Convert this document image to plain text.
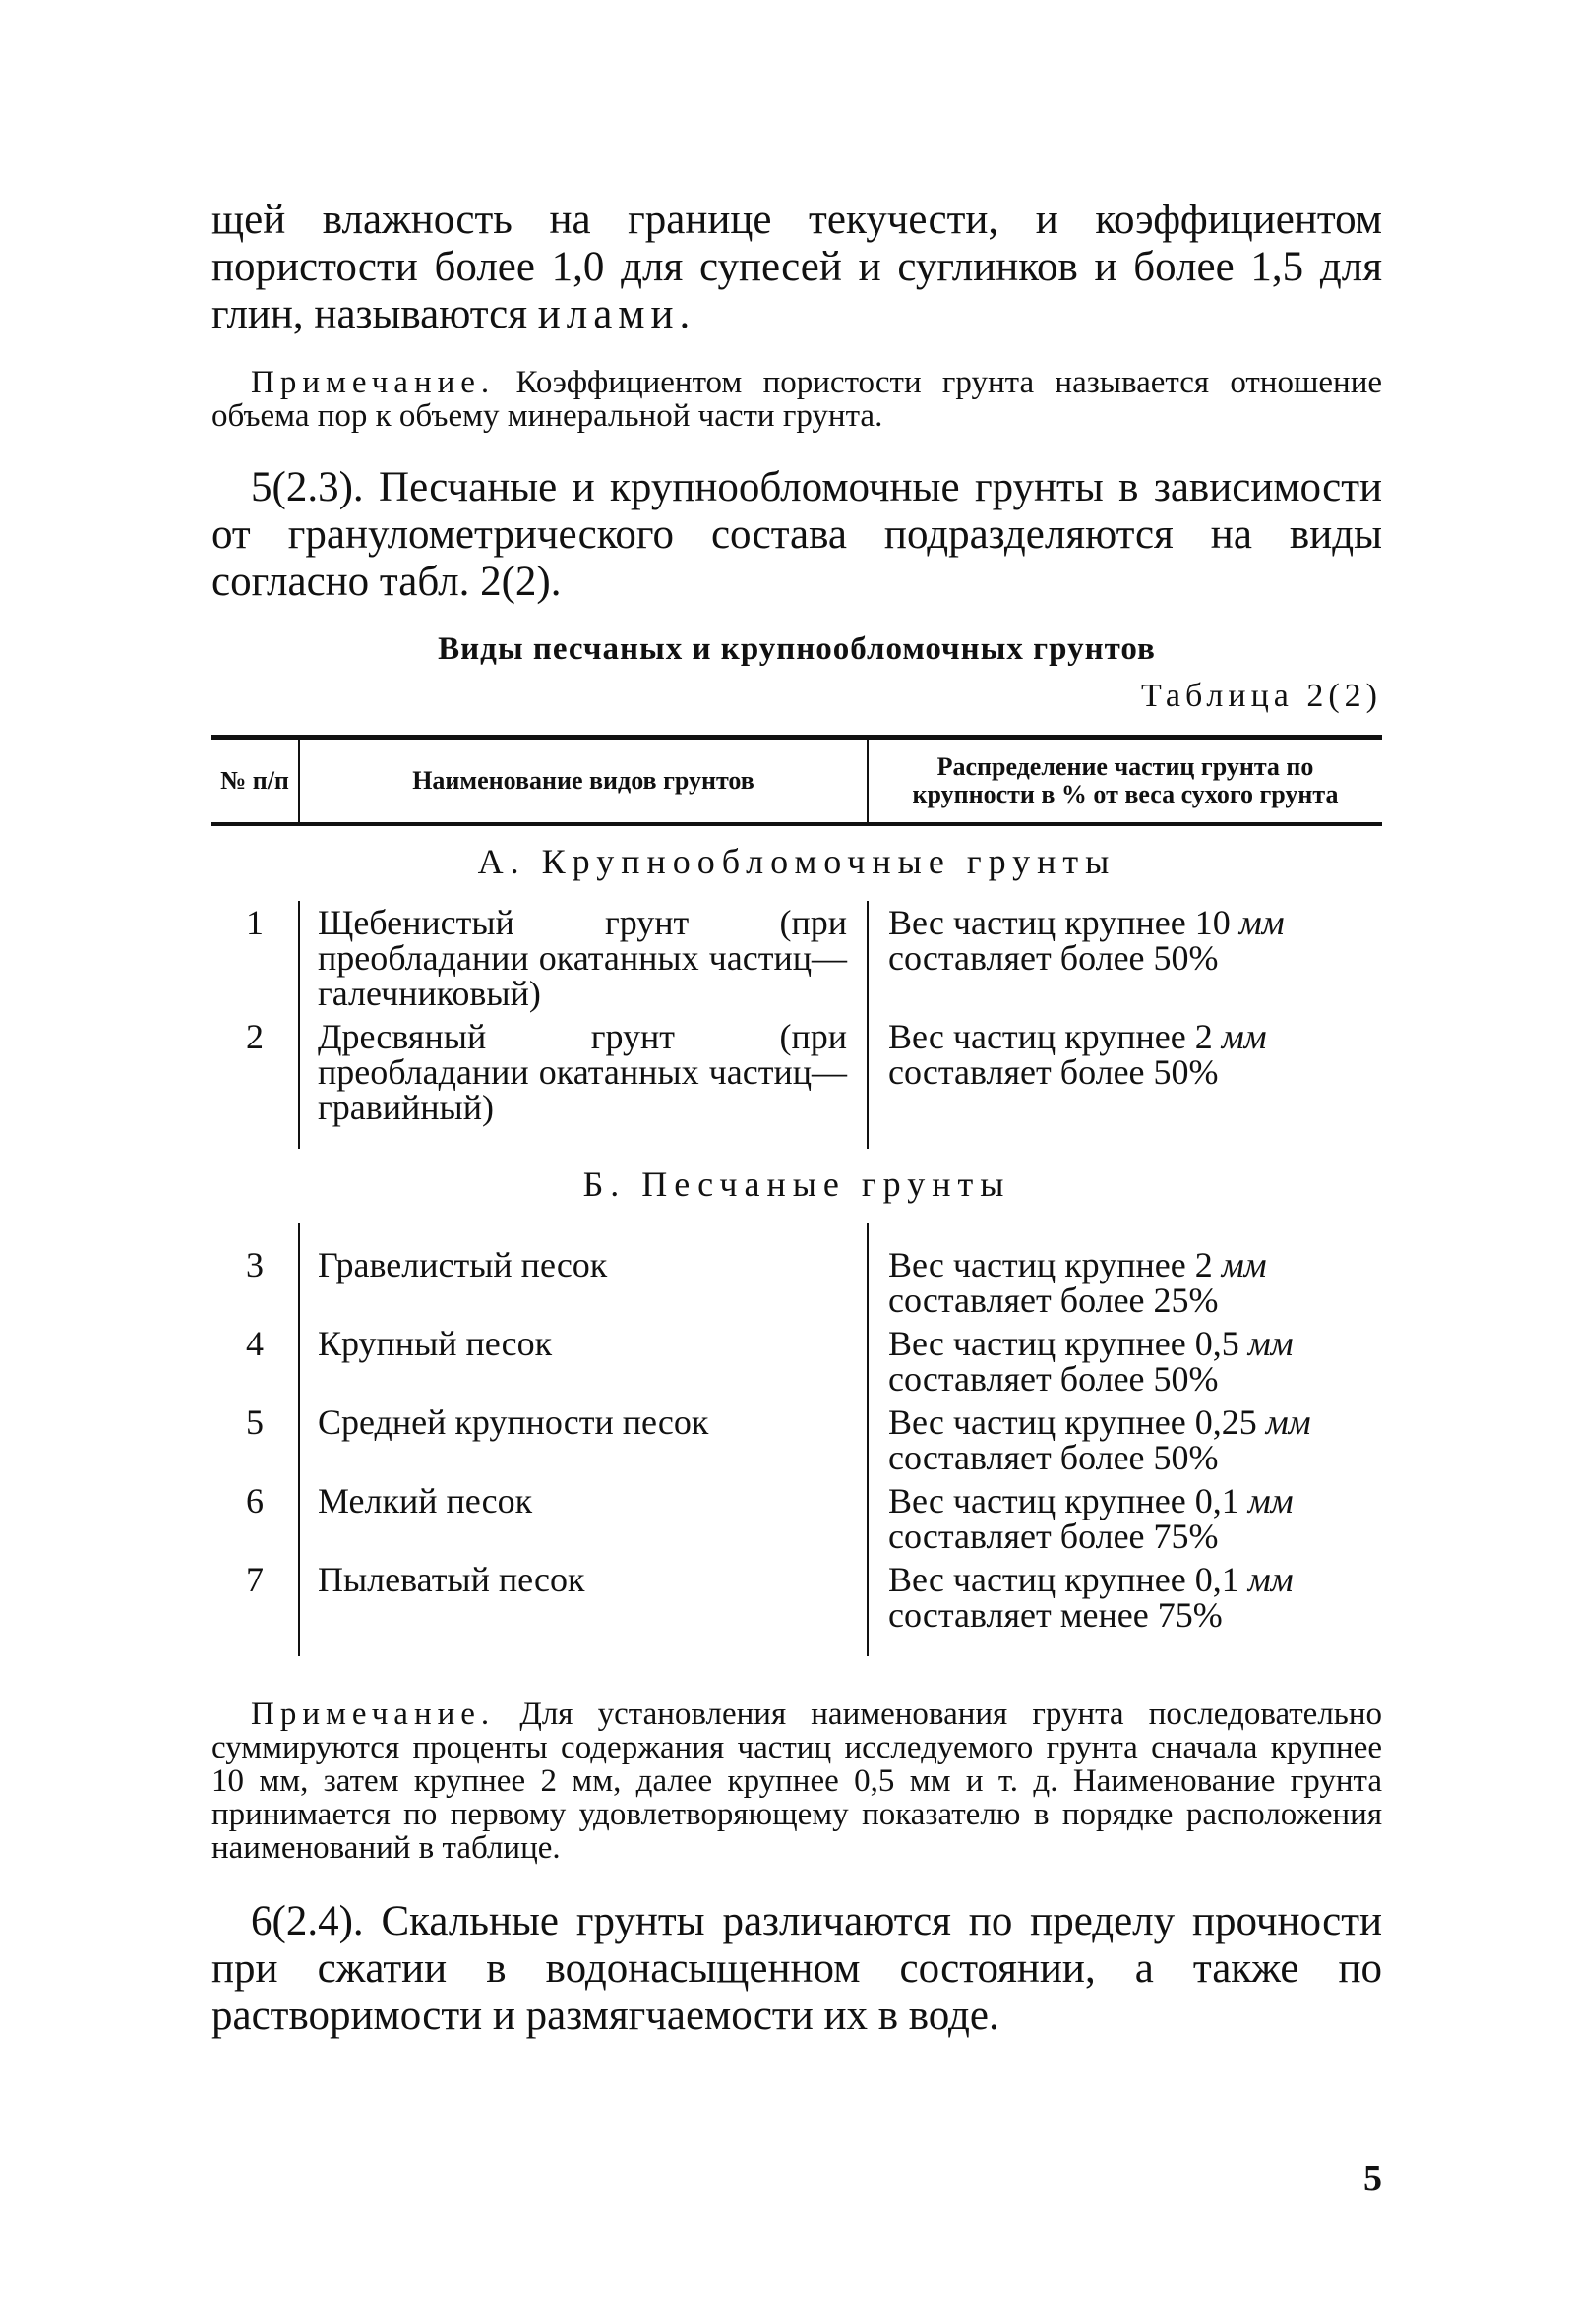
щей влажность на границе текучести, и коэффициентом пористости более 1,0 для супесей и суглинков и более 1,5 для глин, называются илами.

Примечание. Коэффициентом пористости грунта называется отношение объема пор к объему минеральной части грунта.

5(2.3). Песчаные и крупнообломочные грунты в зависимости от гранулометрического состава подразделяются на виды согласно табл. 2(2).

Виды песчаных и крупнообломочных грунтов
Таблица 2(2)
№ п/п	Наименование видов грунтов	Распределение частиц грунта по крупности в % от веса сухого грунта
А. Крупнообломочные грунты		
1	Щебенистый грунт (при преобладании окатанных частиц—галечниковый)	Вес частиц крупнее 10 мм
составляет более 50%
2	Дресвяный грунт (при преобладании окатанных частиц—гравийный)	Вес частиц крупнее 2 мм
составляет более 50%

Б. Песчаные грунты		

3	Гравелистый песок	Вес частиц крупнее 2 мм
составляет более 25%
4	Крупный песок	Вес частиц крупнее 0,5 мм
составляет более 50%
5	Средней крупности песок	Вес частиц крупнее 0,25 мм
составляет более 50%
6	Мелкий песок	Вес частиц крупнее 0,1 мм
составляет более 75%
7	Пылеватый песок	Вес частиц крупнее 0,1 мм
составляет менее 75%

Примечание. Для установления наименования грунта последовательно суммируются проценты содержания частиц исследуемого грунта сначала крупнее 10 мм, затем крупнее 2 мм, далее крупнее 0,5 мм и т. д. Наименование грунта принимается по первому удовлетворяющему показателю в порядке расположения наименований в таблице.

6(2.4). Скальные грунты различаются по пределу прочности при сжатии в водонасыщенном состоянии, а также по растворимости и размягчаемости их в воде.

5
